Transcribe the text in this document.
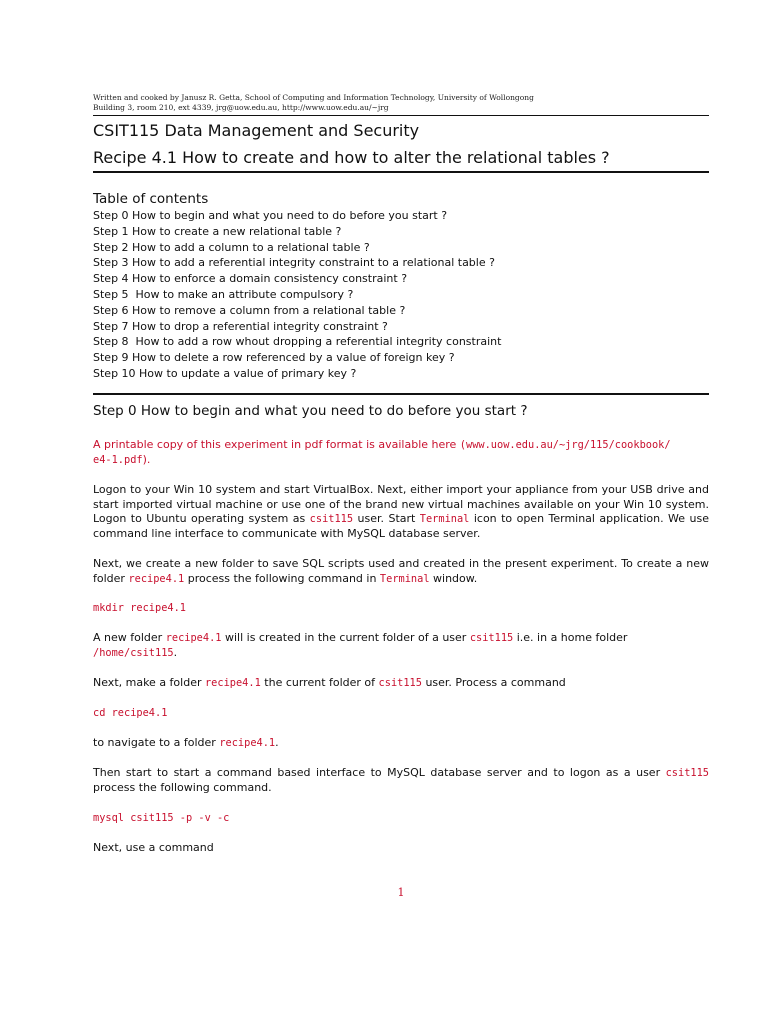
Written and cooked by Janusz R. Getta, School of Computing and Information Technology, University of Wollongong
Building 3, room 210, ext 4339, jrg@uow.edu.au, http://www.uow.edu.au/~jrg
CSIT115 Data Management and Security
Recipe 4.1 How to create and how to alter the relational tables ?
Table of contents
Step 0 How to begin and what you need to do before you start ?
Step 1 How to create a new relational table ?
Step 2 How to add a column to a relational table ?
Step 3 How to add a referential integrity constraint to a relational table ?
Step 4 How to enforce a domain consistency constraint ?
Step 5  How to make an attribute compulsory ?
Step 6 How to remove a column from a relational table ?
Step 7 How to drop a referential integrity constraint ?
Step 8  How to add a row whout dropping a referential integrity constraint
Step 9 How to delete a row referenced by a value of foreign key ?
Step 10 How to update a value of primary key ?
Step 0 How to begin and what you need to do before you start ?

A printable copy of this experiment in pdf format is available here (www.uow.edu.au/~jrg/115/cookbook/
e4-1.pdf).

Logon to your Win 10 system and start VirtualBox. Next, either import your appliance from your USB drive and start imported virtual machine or use one of the brand new virtual machines available on your Win 10 system. Logon to Ubuntu operating system as csit115 user. Start Terminal icon to open Terminal application. We use command line interface to communicate with MySQL database server.

Next, we create a new folder to save SQL scripts used and created in the present experiment. To create a new folder recipe4.1 process the following command in Terminal window.

mkdir recipe4.1

A new folder recipe4.1 will is created in the current folder of a user csit115 i.e. in a home folder /home/csit115.

Next, make a folder recipe4.1 the current folder of csit115 user. Process a command

cd recipe4.1

to navigate to a folder recipe4.1.

Then start to start a command based interface to MySQL database server and to logon as a user csit115 process the following command.

mysql csit115 -p -v -c

Next, use a command

1
